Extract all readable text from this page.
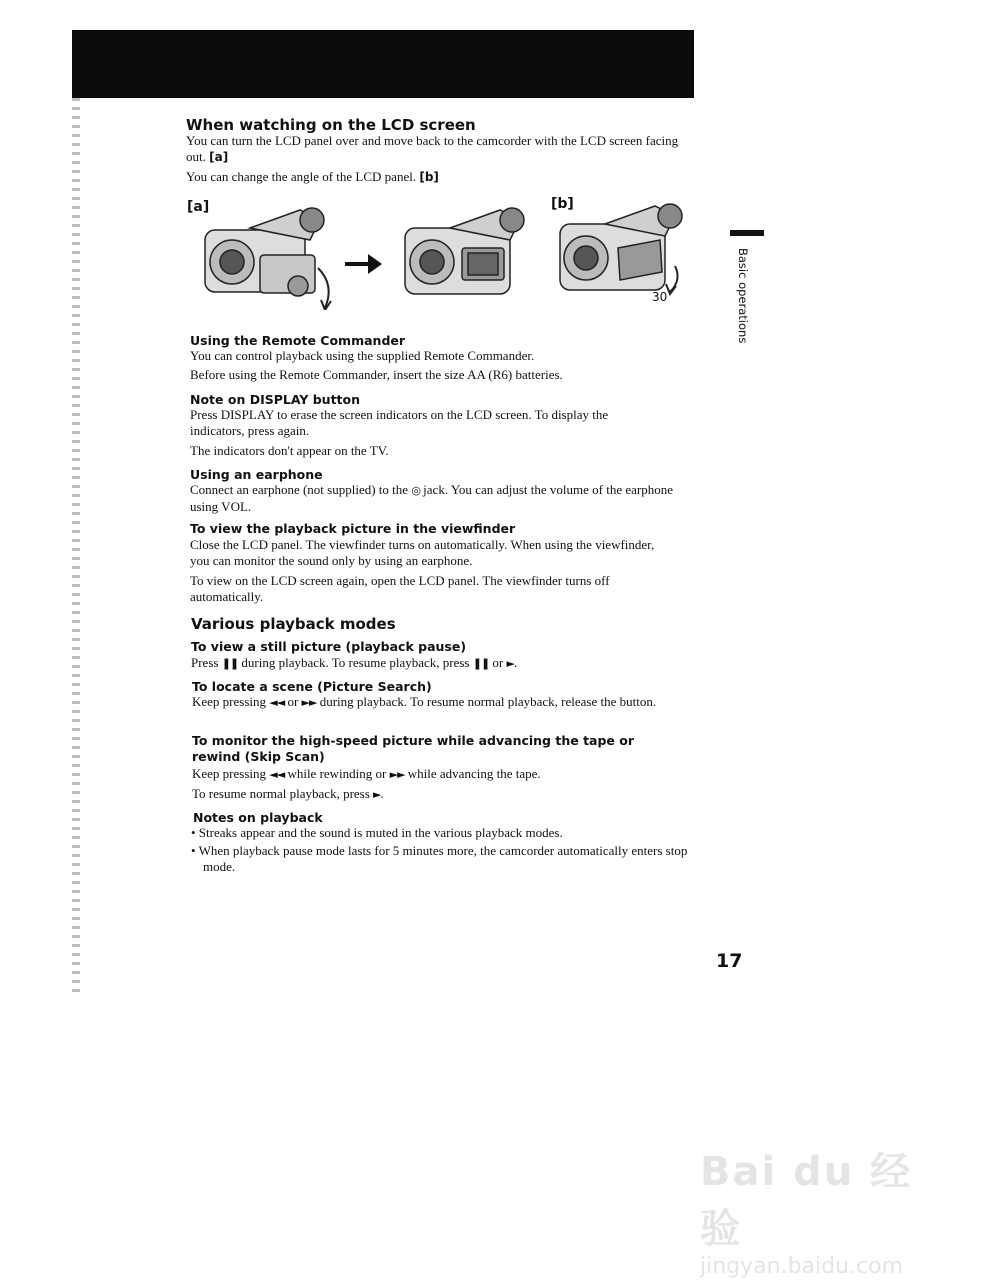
When watching on the LCD screen
You can turn the LCD panel over and move back to the camcorder with the LCD screen facing out. [a]
You can change the angle of the LCD panel. [b]
[a]	[b]
30˚
Using the Remote Commander
You can control playback using the supplied Remote Commander.
Before using the Remote Commander, insert the size AA (R6) batteries.
Note on DISPLAY button
Press DISPLAY to erase the screen indicators on the LCD screen. To display the indicators, press again.
The indicators don't appear on the TV.
Using an earphone
Connect an earphone (not supplied) to the ◎ jack. You can adjust the volume of the earphone using VOL.
To view the playback picture in the viewfinder
Close the LCD panel. The viewfinder turns on automatically. When using the viewfinder, you can monitor the sound only by using an earphone.
To view on the LCD screen again, open the LCD panel. The viewfinder turns off automatically.
Various playback modes
To view a still picture (playback pause)
Press ❚❚ during playback. To resume playback, press ❚❚ or ►.
To locate a scene (Picture Search)
Keep pressing ◄◄ or ►► during playback. To resume normal playback, release the button.
To monitor the high-speed picture while advancing the tape or rewind (Skip Scan)
Keep pressing ◄◄ while rewinding or ►► while advancing the tape.
To resume normal playback, press ►.
Notes on playback
• Streaks appear and the sound is muted in the various playback modes.
• When playback pause mode lasts for 5 minutes more, the camcorder automatically enters stop mode.
Basic operations
17
Bai du 经验
jingyan.baidu.com
